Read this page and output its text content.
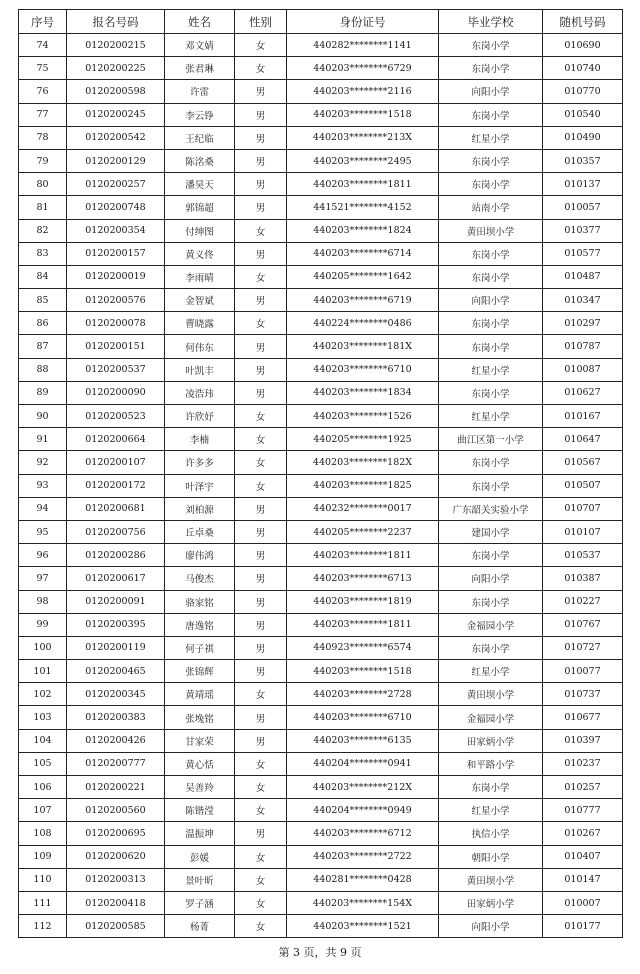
序号	报名号码	姓名	性别	身份证号	毕业学校	随机号码
74	0120200215	邓文婧	女	440282********1141	东岗小学	010690
75	0120200225	张君琳	女	440203********6729	东岗小学	010740
76	0120200598	许雷	男	440203********2116	向阳小学	010770
77	0120200245	李云铮	男	440203********1518	东岗小学	010540
78	0120200542	王纪临	男	440203********213X	红星小学	010490
79	0120200129	陈洺桑	男	440203********2495	东岗小学	010357
80	0120200257	潘昊天	男	440203********1811	东岗小学	010137
81	0120200748	郭锦超	男	441521********4152	站南小学	010057
82	0120200354	付绅图	女	440203********1824	黄田坝小学	010377
83	0120200157	黄义佟	男	440203********6714	东岗小学	010577
84	0120200019	李雨晴	女	440205********1642	东岗小学	010487
85	0120200576	金智斌	男	440203********6719	向阳小学	010347
86	0120200078	曹晓露	女	440224********0486	东岗小学	010297
87	0120200151	何伟东	男	440203********181X	东岗小学	010787
88	0120200537	叶凯丰	男	440203********6710	红星小学	010087
89	0120200090	凌浩玮	男	440203********1834	东岗小学	010627
90	0120200523	许欣妤	女	440203********1526	红星小学	010167
91	0120200664	李楠	女	440205********1925	曲江区第一小学	010647
92	0120200107	许多多	女	440203********182X	东岗小学	010567
93	0120200172	叶泽宇	女	440203********1825	东岗小学	010507
94	0120200681	刘柏源	男	440232********0017	广东韶关实验小学	010707
95	0120200756	丘卓桑	男	440205********2237	建国小学	010107
96	0120200286	廖伟鸿	男	440203********1811	东岗小学	010537
97	0120200617	马俊杰	男	440203********6713	向阳小学	010387
98	0120200091	骆家铭	男	440203********1819	东岗小学	010227
99	0120200395	唐逸铭	男	440203********1811	金福园小学	010767
100	0120200119	何子祺	男	440923********6574	东岗小学	010727
101	0120200465	张锦辉	男	440203********1518	红星小学	010077
102	0120200345	黄靖瑶	女	440203********2728	黄田坝小学	010737
103	0120200383	张堍铭	男	440203********6710	金福园小学	010677
104	0120200426	甘家荣	男	440203********6135	田家炳小学	010397
105	0120200777	黄心恬	女	440204********0941	和平路小学	010237
106	0120200221	吴善羚	女	440203********212X	东岗小学	010257
107	0120200560	陈锴滢	女	440204********0949	红星小学	010777
108	0120200695	温振坤	男	440203********6712	执信小学	010267
109	0120200620	彭媛	女	440203********2722	朝阳小学	010407
110	0120200313	景叶昕	女	440281********0428	黄田坝小学	010147
111	0120200418	罗子涵	女	440203********154X	田家炳小学	010007
112	0120200585	杨菁	女	440203********1521	向阳小学	010177
第 3 页，共 9 页
